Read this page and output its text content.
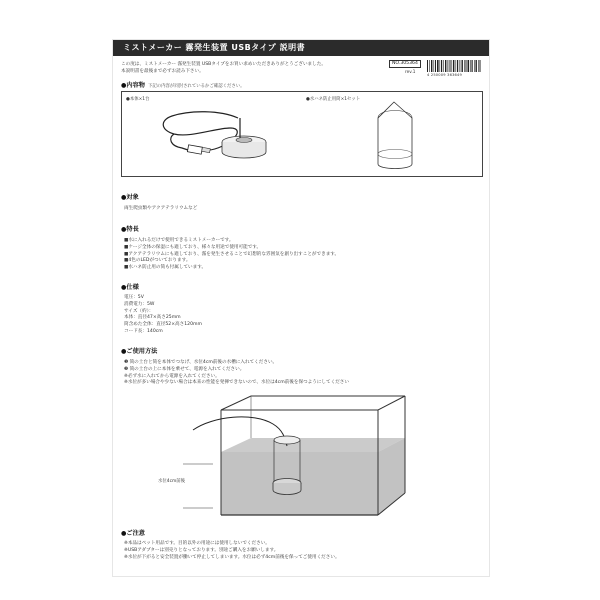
ミストメーカー 霧発生装置 USBタイプ 説明書
この度は、ミストメーカー 霧発生装置 USBタイプをお買い求めいただきありがとうございました。
本説明書を最後まで必ずお読み下さい。
NO.305364
rev.1
4 250009 363649
●内容物 下記の内容が同封されているかご確認ください。
●本体×1台	●水ハネ防止用筒×1セット
●対象
両生爬虫類やアクアテラリウムなど
●特長
■水に入れるだけで使用できるミストメーカーです。
■ケージ全体の保湿にも適しており、様々な用途で使用可能です。
■アクアテラリウムにも適しており、霧を発生させることで幻想的な雰囲気を創り出すことができます。
■4色のLEDがついております。
■水ハネ防止用の筒も付属しています。
●仕様
電圧：5V
消費電力：5W
サイズ（約）：
本体：直径47×高さ25mm
筒含めた全体：直径52×高さ120mm
コード長：140cm
●ご使用方法
❶ 筒の土台と筒を本体でつなげ、水位4cm前後の水槽に入れてください。
❷ 筒の土台の上に本体を乗せて、電源を入れてください。
※必ず水に入れてから電源を入れてください。
※水位が多い場合や少ない場合は本来の性能を発揮できないので、水位は4cm前後を保つようにしてください
水位4cm前後
●ご注意
※本品はペット用品です。目的以外の用途には使用しないでください。
※USBアダプターは別売りとなっております。別途ご購入をお願いします。
※水位が下がると安全装置が働いて停止してしまいます。水位は必ず4cm前後を保ってご使用ください。
